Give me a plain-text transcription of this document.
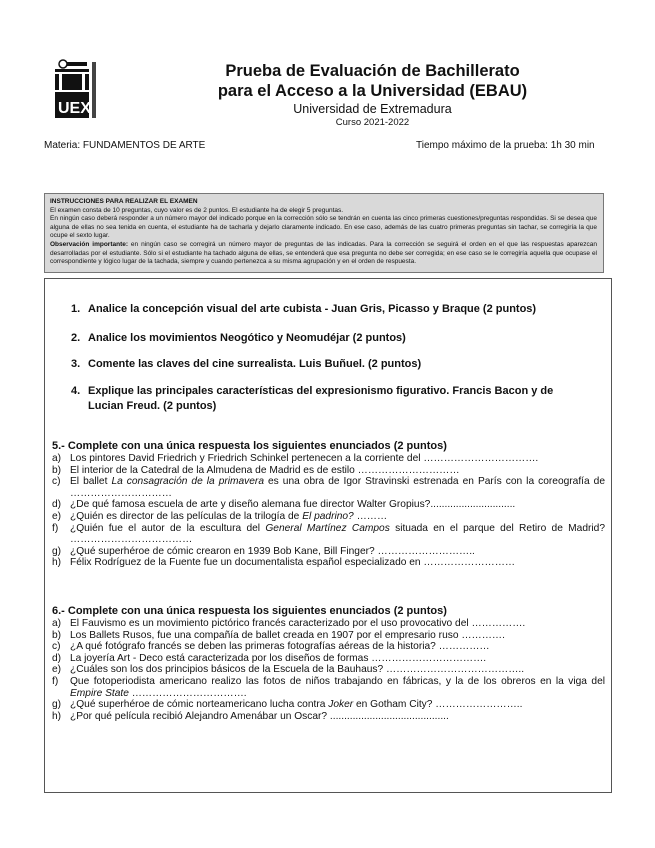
UEX
Prueba de Evaluación de Bachillerato
para el Acceso a la Universidad (EBAU)
Universidad de Extremadura
Curso 2021-2022
Materia: FUNDAMENTOS DE ARTE	Tiempo máximo de la prueba: 1h 30 min
INSTRUCCIONES PARA REALIZAR EL EXAMEN
El examen consta de 10 preguntas, cuyo valor es de 2 puntos. El estudiante ha de elegir 5 preguntas.
En ningún caso deberá responder a un número mayor del indicado porque en la corrección sólo se tendrán en cuenta las cinco primeras cuestiones/preguntas respondidas. Si se desea que alguna de ellas no sea tenida en cuenta, el estudiante ha de tacharla y dejarlo claramente indicado. En ese caso, además de las cuatro primeras preguntas sin tachar, se corregiría la que ocupe el sexto lugar.
Observación importante: en ningún caso se corregirá un número mayor de preguntas de las indicadas. Para la corrección se seguirá el orden en el que las respuestas aparezcan desarrolladas por el estudiante. Sólo si el estudiante ha tachado alguna de ellas, se entenderá que esa pregunta no debe ser corregida; en ese caso se le corregiría aquella que ocupase el correspondiente y lógico lugar de la tachada, siempre y cuando pertenezca a su misma agrupación y en el orden de respuesta.
1. Analice la concepción visual del arte cubista - Juan Gris, Picasso y Braque (2 puntos)
2. Analice los movimientos Neogótico y Neomudéjar (2 puntos)
3. Comente las claves del cine surrealista. Luis Buñuel. (2 puntos)
4. Explique las principales características del expresionismo figurativo. Francis Bacon y de Lucian Freud. (2 puntos)
5.- Complete con una única respuesta los siguientes enunciados (2 puntos)
a) Los pintores David Friedrich y Friedrich Schinkel pertenecen a la corriente del …………………………….
b) El interior de la Catedral de la Almudena de Madrid es de estilo …………………………
c) El ballet La consagración de la primavera es una obra de Igor Stravinski estrenada en París con la coreografía de …………………………
d) ¿De qué famosa escuela de arte y diseño alemana fue director Walter Gropius?..............................
e) ¿Quién es director de las películas de la trilogía de El padrino? ………
f) ¿Quién fue el autor de la escultura del General Martínez Campos situada en el parque del Retiro de Madrid? ………………………………
g) ¿Qué superhéroe de cómic crearon en 1939 Bob Kane, Bill Finger? ………………………..
h) Félix Rodríguez de la Fuente fue un documentalista español especializado en ………………………
6.- Complete con una única respuesta los siguientes enunciados (2 puntos)
a) El Fauvismo es un movimiento pictórico francés caracterizado por el uso provocativo del …………….
b) Los Ballets Rusos, fue una compañía de ballet creada en 1907 por el empresario ruso ………….
c) ¿A qué fotógrafo francés se deben las primeras fotografías aéreas de la historia? ……………
d) La joyería Art - Deco está caracterizada por los diseños de formas …………………………….
e) ¿Cuáles son los dos principios básicos de la Escuela de la Bauhaus? …………………………………..
f) Que fotoperiodista americano realizo las fotos de niños trabajando en fábricas, y la de los obreros en la viga del Empire State …………………………….
g) ¿Qué superhéroe de cómic norteamericano lucha contra Joker en Gotham City? ……………………..
h) ¿Por qué película recibió Alejandro Amenábar un Oscar? ..........................................
